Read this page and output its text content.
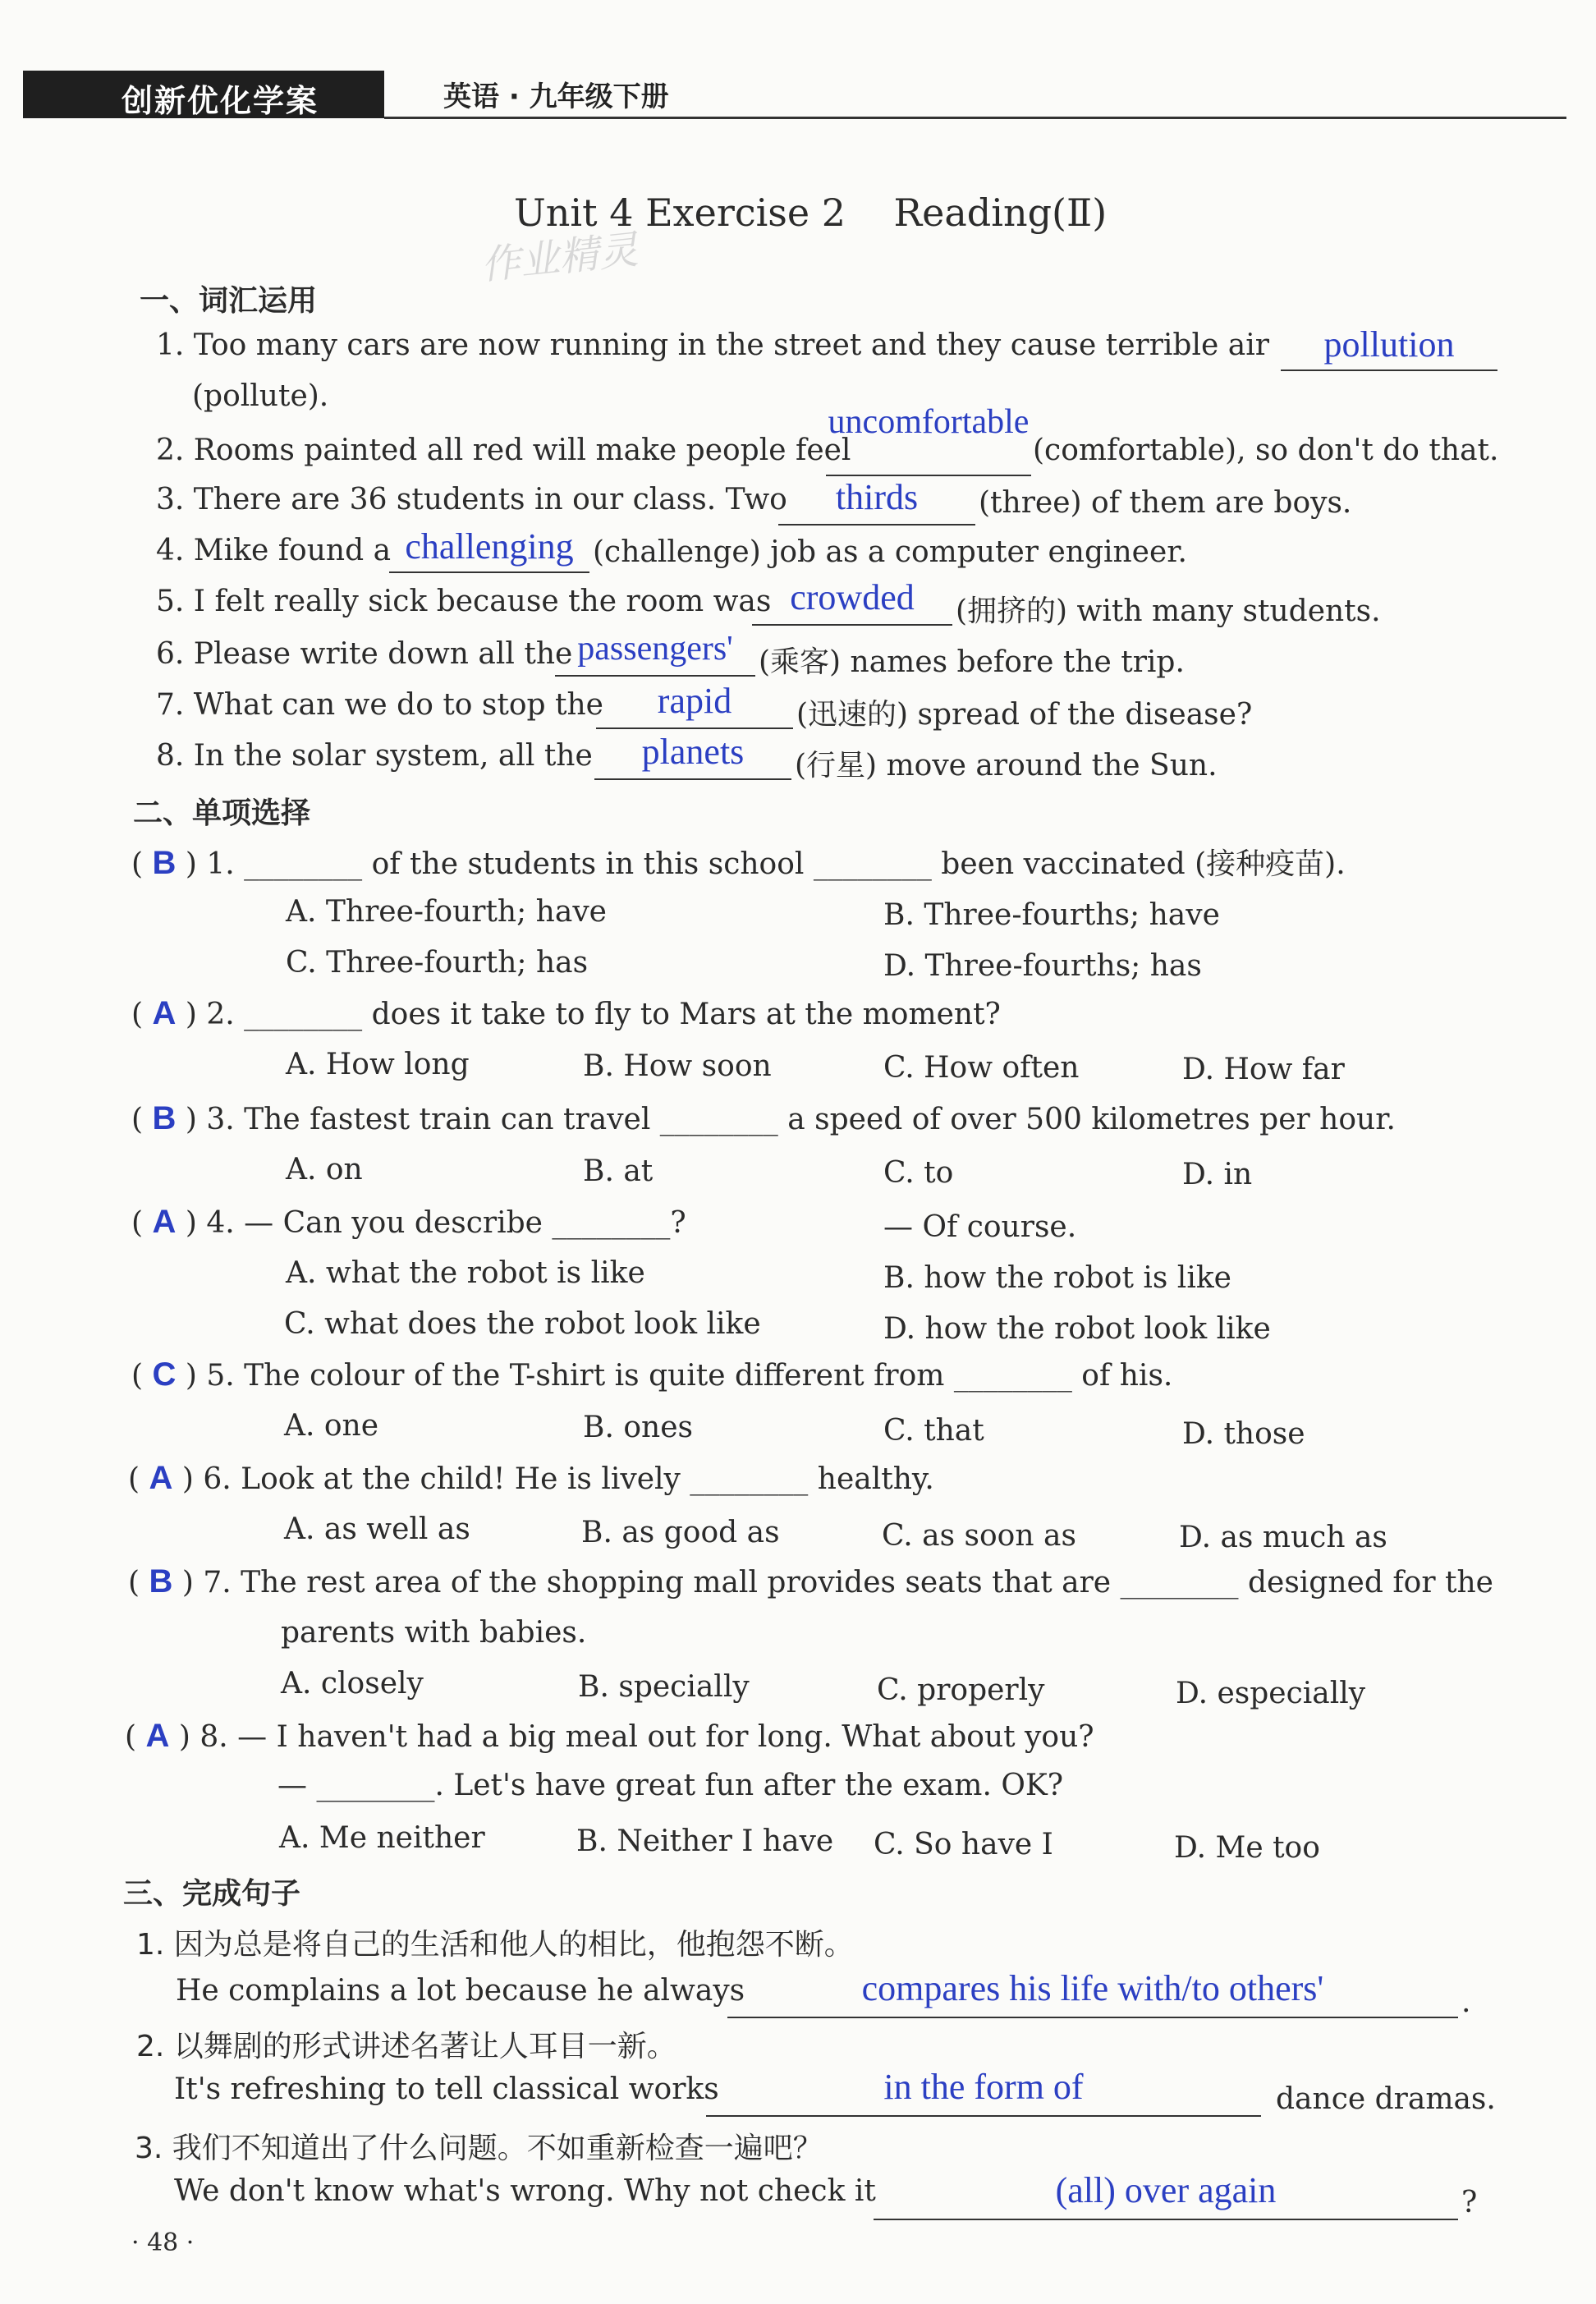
创新优化学案	英语 · 九年级下册
Unit 4 Exercise 2    Reading(Ⅱ)
作业精灵
一、词汇运用
1. Too many cars are now running in the street and they cause terrible air	pollution
(pollute).
2. Rooms painted all red will make people feel
uncomfortable
(comfortable), so don't do that.
3. There are 36 students in our class. Two	thirds	(three) of them are boys.
4. Mike found a challenging (challenge) job as a computer engineer.
5. I felt really sick because the room was crowded	(拥挤的) with many students.
6. Please write down all the passengers' (乘客) names before the trip.
7. What can we do to stop the	rapid	(迅速的) spread of the disease?
8. In the solar system, all the	planets	(行星) move around the Sun.
二、单项选择
( B ) 1. ________ of the students in this school ________ been vaccinated (接种疫苗).
A. Three-fourth; have	B. Three-fourths; have
C. Three-fourth; has	D. Three-fourths; has
( A ) 2. ________ does it take to fly to Mars at the moment?
A. How long	B. How soon	C. How often	D. How far
( B ) 3. The fastest train can travel ________ a speed of over 500 kilometres per hour.
A. on	B. at	C. to	D. in
( A ) 4. — Can you describe ________?	— Of course.
A. what the robot is like	B. how the robot is like
C. what does the robot look like	D. how the robot look like
( C ) 5. The colour of the T-shirt is quite different from ________ of his.
A. one	B. ones	C. that	D. those
( A ) 6. Look at the child! He is lively ________ healthy.
A. as well as	B. as good as	C. as soon as	D. as much as
( B ) 7. The rest area of the shopping mall provides seats that are ________ designed for the
parents with babies.
A. closely	B. specially	C. properly	D. especially
( A ) 8. — I haven't had a big meal out for long. What about you?
— ________. Let's have great fun after the exam. OK?
A. Me neither	B. Neither I have C. So have I	D. Me too
三、完成句子
1. 因为总是将自己的生活和他人的相比，他抱怨不断。
He complains a lot because he always	compares his life with/to others'	.
2. 以舞剧的形式讲述名著让人耳目一新。
It's refreshing to tell classical works	in the form of	dance dramas.
3. 我们不知道出了什么问题。不如重新检查一遍吧？
We don't know what's wrong. Why not check it	(all) over again	?
· 48 ·
